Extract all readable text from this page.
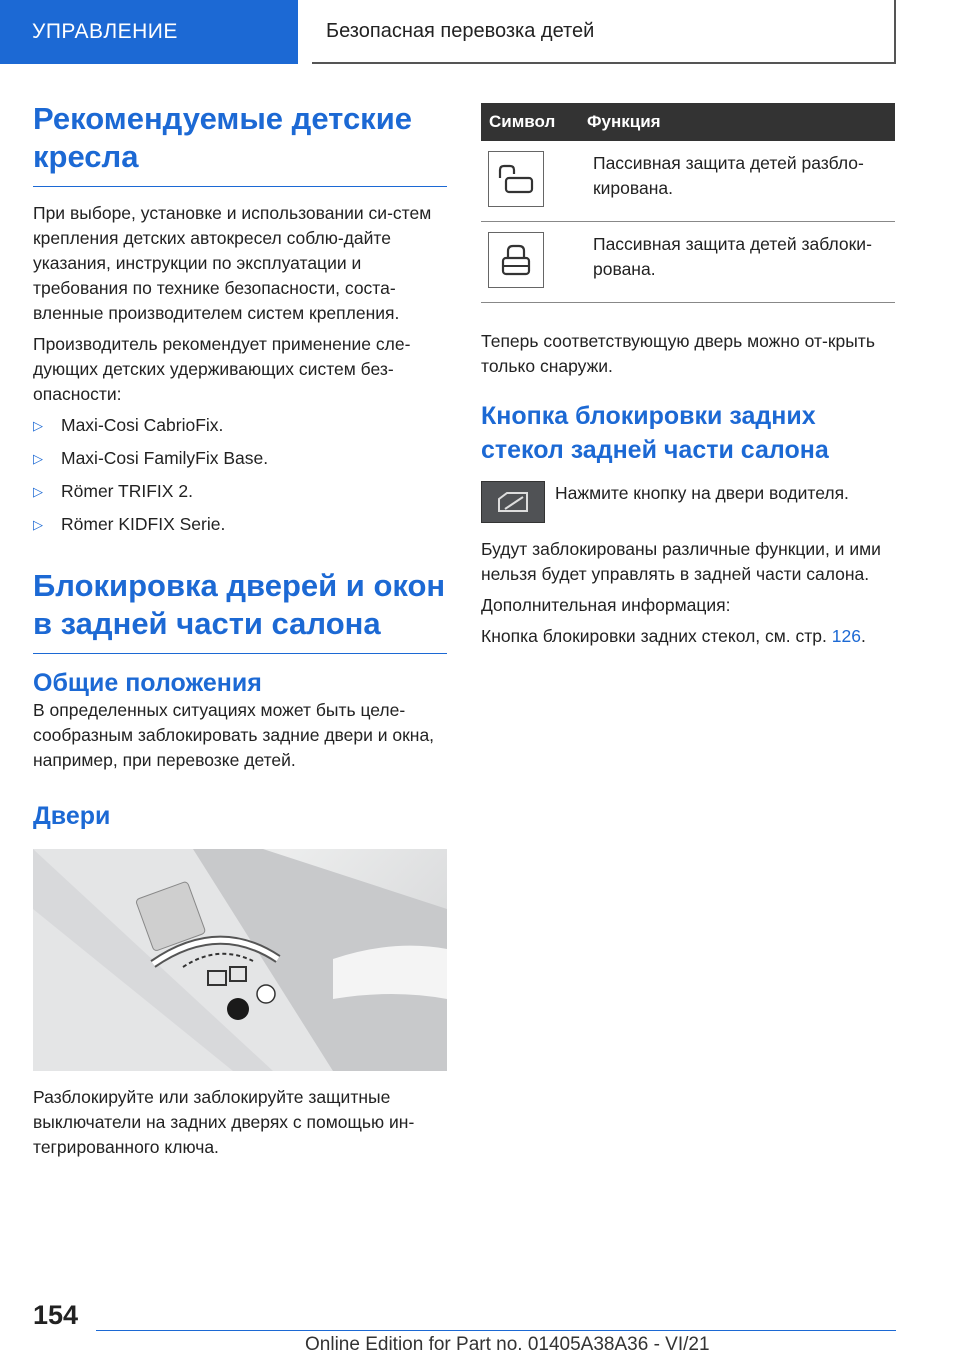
УПРАВЛЕНИЕ	Безопасная перевозка детей
Рекомендуемые детские кресла

При выборе, установке и использовании си-стем крепления детских автокресел соблю-дайте указания, инструкции по эксплуатации и требования по технике безопасности, соста-вленные производителем систем крепления.

Производитель рекомендует применение сле-дующих детских удерживающих систем без-опасности:

▷	Maxi-Cosi CabrioFix.
▷	Maxi-Cosi FamilyFix Base.
▷	Römer TRIFIX 2.
▷	Römer KIDFIX Serie.
Блокировка дверей и окон в задней части салона
Общие положения

В определенных ситуациях может быть целе-сообразным заблокировать задние двери и окна, например, при перевозке детей.

Двери

Разблокируйте или заблокируйте защитные выключатели на задних дверях с помощью ин-тегрированного ключа.

Символ	Функция

Пассивная защита детей разбло-кирована.

Пассивная защита детей заблоки-рована.

Теперь соответствующую дверь можно от-крыть только снаружи.

Кнопка блокировки задних стекол задней части салона

Нажмите кнопку на двери водителя.

Будут заблокированы различные функции, и ими нельзя будет управлять в задней части салона.

Дополнительная информация:

Кнопка блокировки задних стекол, см. стр. 126.

154
Online Edition for Part no. 01405A38A36 - VI/21
